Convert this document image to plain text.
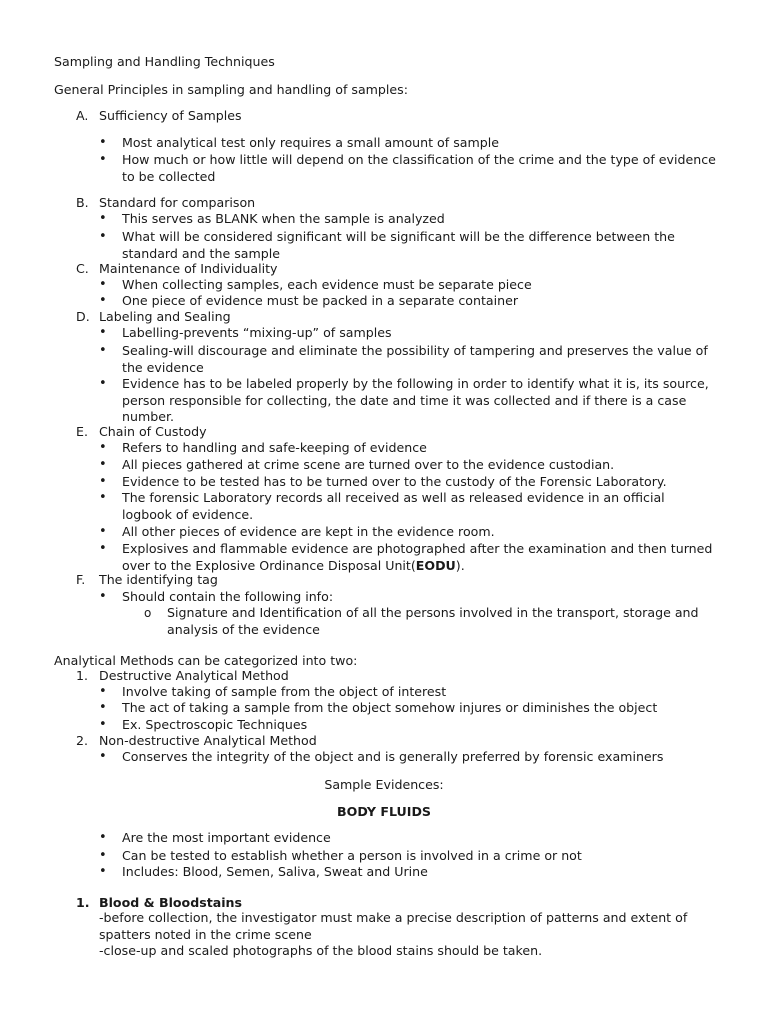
Sampling and Handling Techniques
General Principles in sampling and handling of samples:
A. Sufficiency of Samples
• Most analytical test only requires a small amount of sample
• How much or how little will depend on the classification of the crime and the type of evidence to be collected
B. Standard for comparison
• This serves as BLANK when the sample is analyzed
• What will be considered significant will be significant will be the difference between the standard and the sample
C. Maintenance of Individuality
• When collecting samples, each evidence must be separate piece
• One piece of evidence must be packed in a separate container
D. Labeling and Sealing
• Labelling-prevents “mixing-up” of samples
• Sealing-will discourage and eliminate the possibility of tampering and preserves the value of the evidence
• Evidence has to be labeled properly by the following in order to identify what it is, its source, person responsible for collecting, the date and time it was collected and if there is a case number.
E. Chain of Custody
• Refers to handling and safe-keeping of evidence
• All pieces gathered at crime scene are turned over to the evidence custodian.
• Evidence to be tested has to be turned over to the custody of the Forensic Laboratory.
• The forensic Laboratory records all received as well as released evidence in an official logbook of evidence.
• All other pieces of evidence are kept in the evidence room.
• Explosives and flammable evidence are photographed after the examination and then turned over to the Explosive Ordinance Disposal Unit(EODU).
F. The identifying tag
• Should contain the following info:
o Signature and Identification of all the persons involved in the transport, storage and analysis of the evidence
Analytical Methods can be categorized into two:
1. Destructive Analytical Method
• Involve taking of sample from the object of interest
• The act of taking a sample from the object somehow injures or diminishes the object
• Ex. Spectroscopic Techniques
2. Non-destructive Analytical Method
• Conserves the integrity of the object and is generally preferred by forensic examiners
Sample Evidences:
BODY FLUIDS
• Are the most important evidence
• Can be tested to establish whether a person is involved in a crime or not
• Includes: Blood, Semen, Saliva, Sweat and Urine
1. Blood & Bloodstains
-before collection, the investigator must make a precise description of patterns and extent of spatters noted in the crime scene
-close-up and scaled photographs of the blood stains should be taken.
